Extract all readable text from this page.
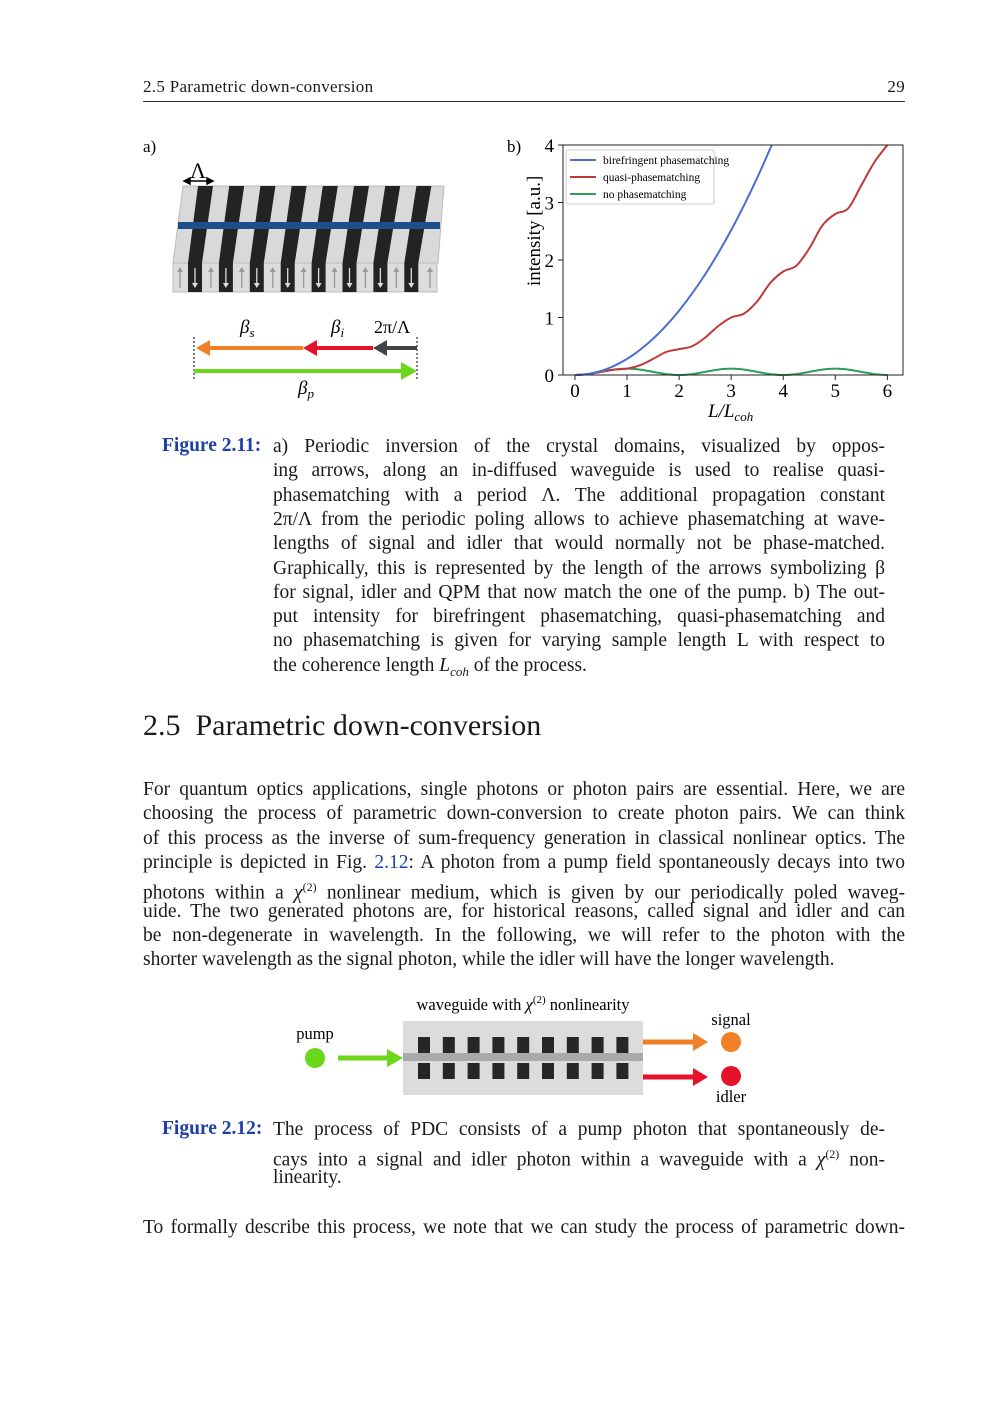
2.5 Parametric down-conversion	29
a)
Λ
$\beta_s$	$\beta_i$ 2π/Λ
$\beta_p$
b)
birefringent phasematching
quasi-phasematching
no phasematching
intensity [a.u.]
$L/L_{coh}$
0 1 2 3 4 5 6
0
1
2
3
4
Figure 2.11: a) Periodic inversion of the crystal domains, visualized by oppos-
ing arrows, along an in-diffused waveguide is used to realise quasi-
phasematching with a period Λ. The additional propagation constant
2π/Λ from the periodic poling allows to achieve phasematching at wave-
lengths of signal and idler that would normally not be phase-matched.
Graphically, this is represented by the length of the arrows symbolizing β
for signal, idler and QPM that now match the one of the pump. b) The out-
put intensity for birefringent phasematching, quasi-phasematching and
no phasematching is given for varying sample length L with respect to
the coherence length $L_{coh}$ of the process.
2.5 Parametric down-conversion
For quantum optics applications, single photons or photon pairs are essential. Here, we are
choosing the process of parametric down-conversion to create photon pairs. We can think
of this process as the inverse of sum-frequency generation in classical nonlinear optics. The
principle is depicted in Fig. 2.12: A photon from a pump field spontaneously decays into two
photons within a $\chi^{(2)}$ nonlinear medium, which is given by our periodically poled waveg-
uide. The two generated photons are, for historical reasons, called signal and idler and can
be non-degenerate in wavelength. In the following, we will refer to the photon with the
shorter wavelength as the signal photon, while the idler will have the longer wavelength.
waveguide with $\chi^{(2)}$ nonlinearity
pump
signal
idler
Figure 2.12: The process of PDC consists of a pump photon that spontaneously de-
cays into a signal and idler photon within a waveguide with a $\chi^{(2)}$ non-
linearity.
To formally describe this process, we note that we can study the process of parametric down-
